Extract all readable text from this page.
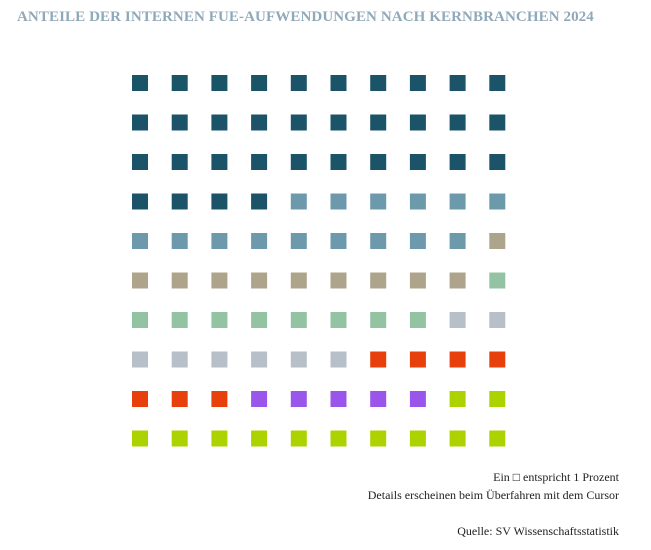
ANTEILE DER INTERNEN FUE-AUFWENDUNGEN NACH KERNBRANCHEN 2024
Ein □ entspricht 1 Prozent
Details erscheinen beim Überfahren mit dem Cursor
Quelle: SV Wissenschaftsstatistik
